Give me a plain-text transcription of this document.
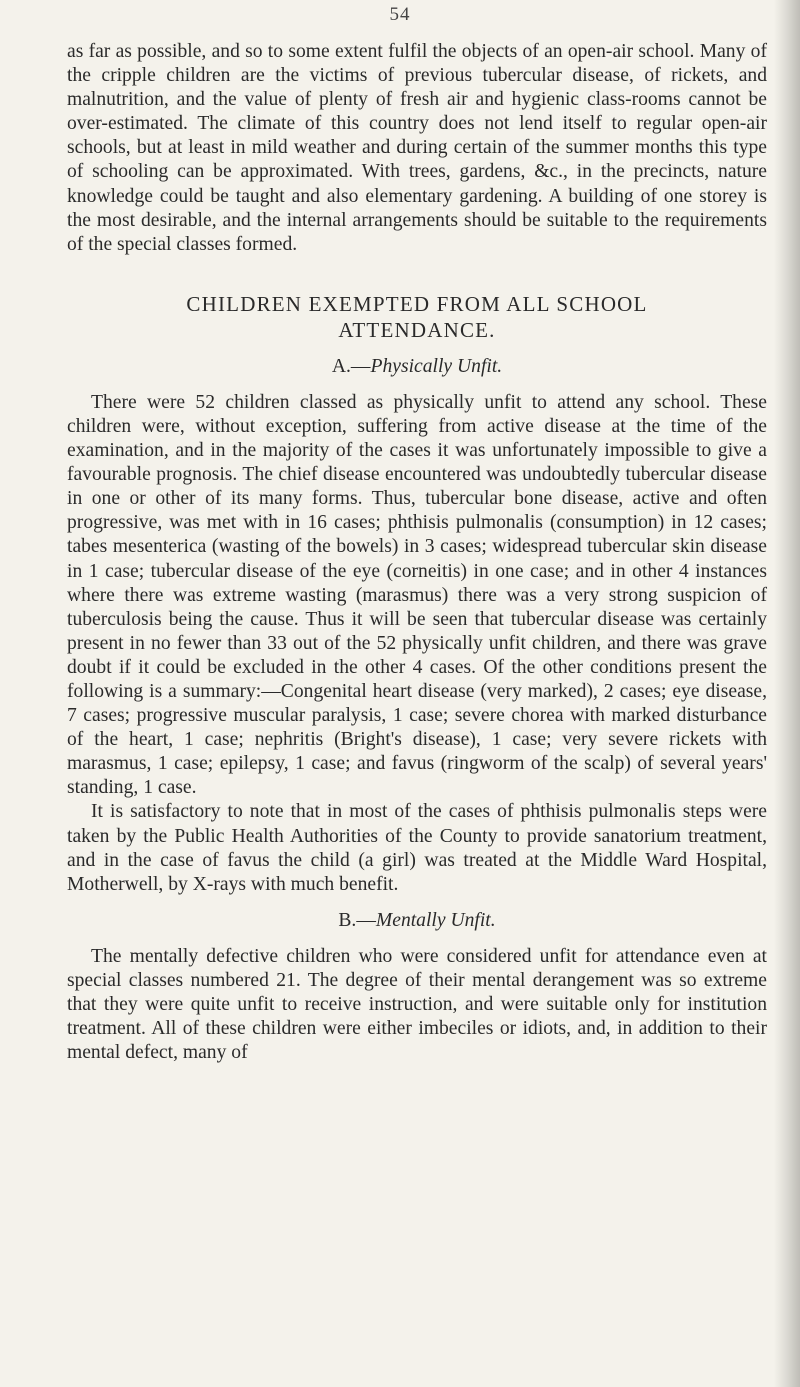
54

as far as possible, and so to some extent fulfil the objects of an open-air school. Many of the cripple children are the victims of previous tubercular disease, of rickets, and malnutrition, and the value of plenty of fresh air and hygienic class-rooms cannot be over-estimated. The climate of this country does not lend itself to regular open-air schools, but at least in mild weather and during certain of the summer months this type of schooling can be approximated. With trees, gardens, &c., in the precincts, nature knowledge could be taught and also elementary gardening. A building of one storey is the most desirable, and the internal arrangements should be suitable to the requirements of the special classes formed.

CHILDREN EXEMPTED FROM ALL SCHOOL
ATTENDANCE.
A.—Physically Unfit.

There were 52 children classed as physically unfit to attend any school. These children were, without exception, suffering from active disease at the time of the examination, and in the majority of the cases it was unfortunately impossible to give a favourable prognosis. The chief disease encountered was undoubtedly tubercular disease in one or other of its many forms. Thus, tubercular bone disease, active and often progressive, was met with in 16 cases; phthisis pulmonalis (consumption) in 12 cases; tabes mesenterica (wasting of the bowels) in 3 cases; widespread tubercular skin disease in 1 case; tubercular disease of the eye (corneitis) in one case; and in other 4 instances where there was extreme wasting (marasmus) there was a very strong suspicion of tuberculosis being the cause. Thus it will be seen that tubercular disease was certainly present in no fewer than 33 out of the 52 physically unfit children, and there was grave doubt if it could be excluded in the other 4 cases. Of the other conditions present the following is a summary:—Congenital heart disease (very marked), 2 cases; eye disease, 7 cases; progressive muscular paralysis, 1 case; severe chorea with marked disturbance of the heart, 1 case; nephritis (Bright's disease), 1 case; very severe rickets with marasmus, 1 case; epilepsy, 1 case; and favus (ringworm of the scalp) of several years' standing, 1 case.

It is satisfactory to note that in most of the cases of phthisis pulmonalis steps were taken by the Public Health Authorities of the County to provide sanatorium treatment, and in the case of favus the child (a girl) was treated at the Middle Ward Hospital, Motherwell, by X-rays with much benefit.

B.—Mentally Unfit.

The mentally defective children who were considered unfit for attendance even at special classes numbered 21. The degree of their mental derangement was so extreme that they were quite unfit to receive instruction, and were suitable only for institution treatment. All of these children were either imbeciles or idiots, and, in addition to their mental defect, many of
